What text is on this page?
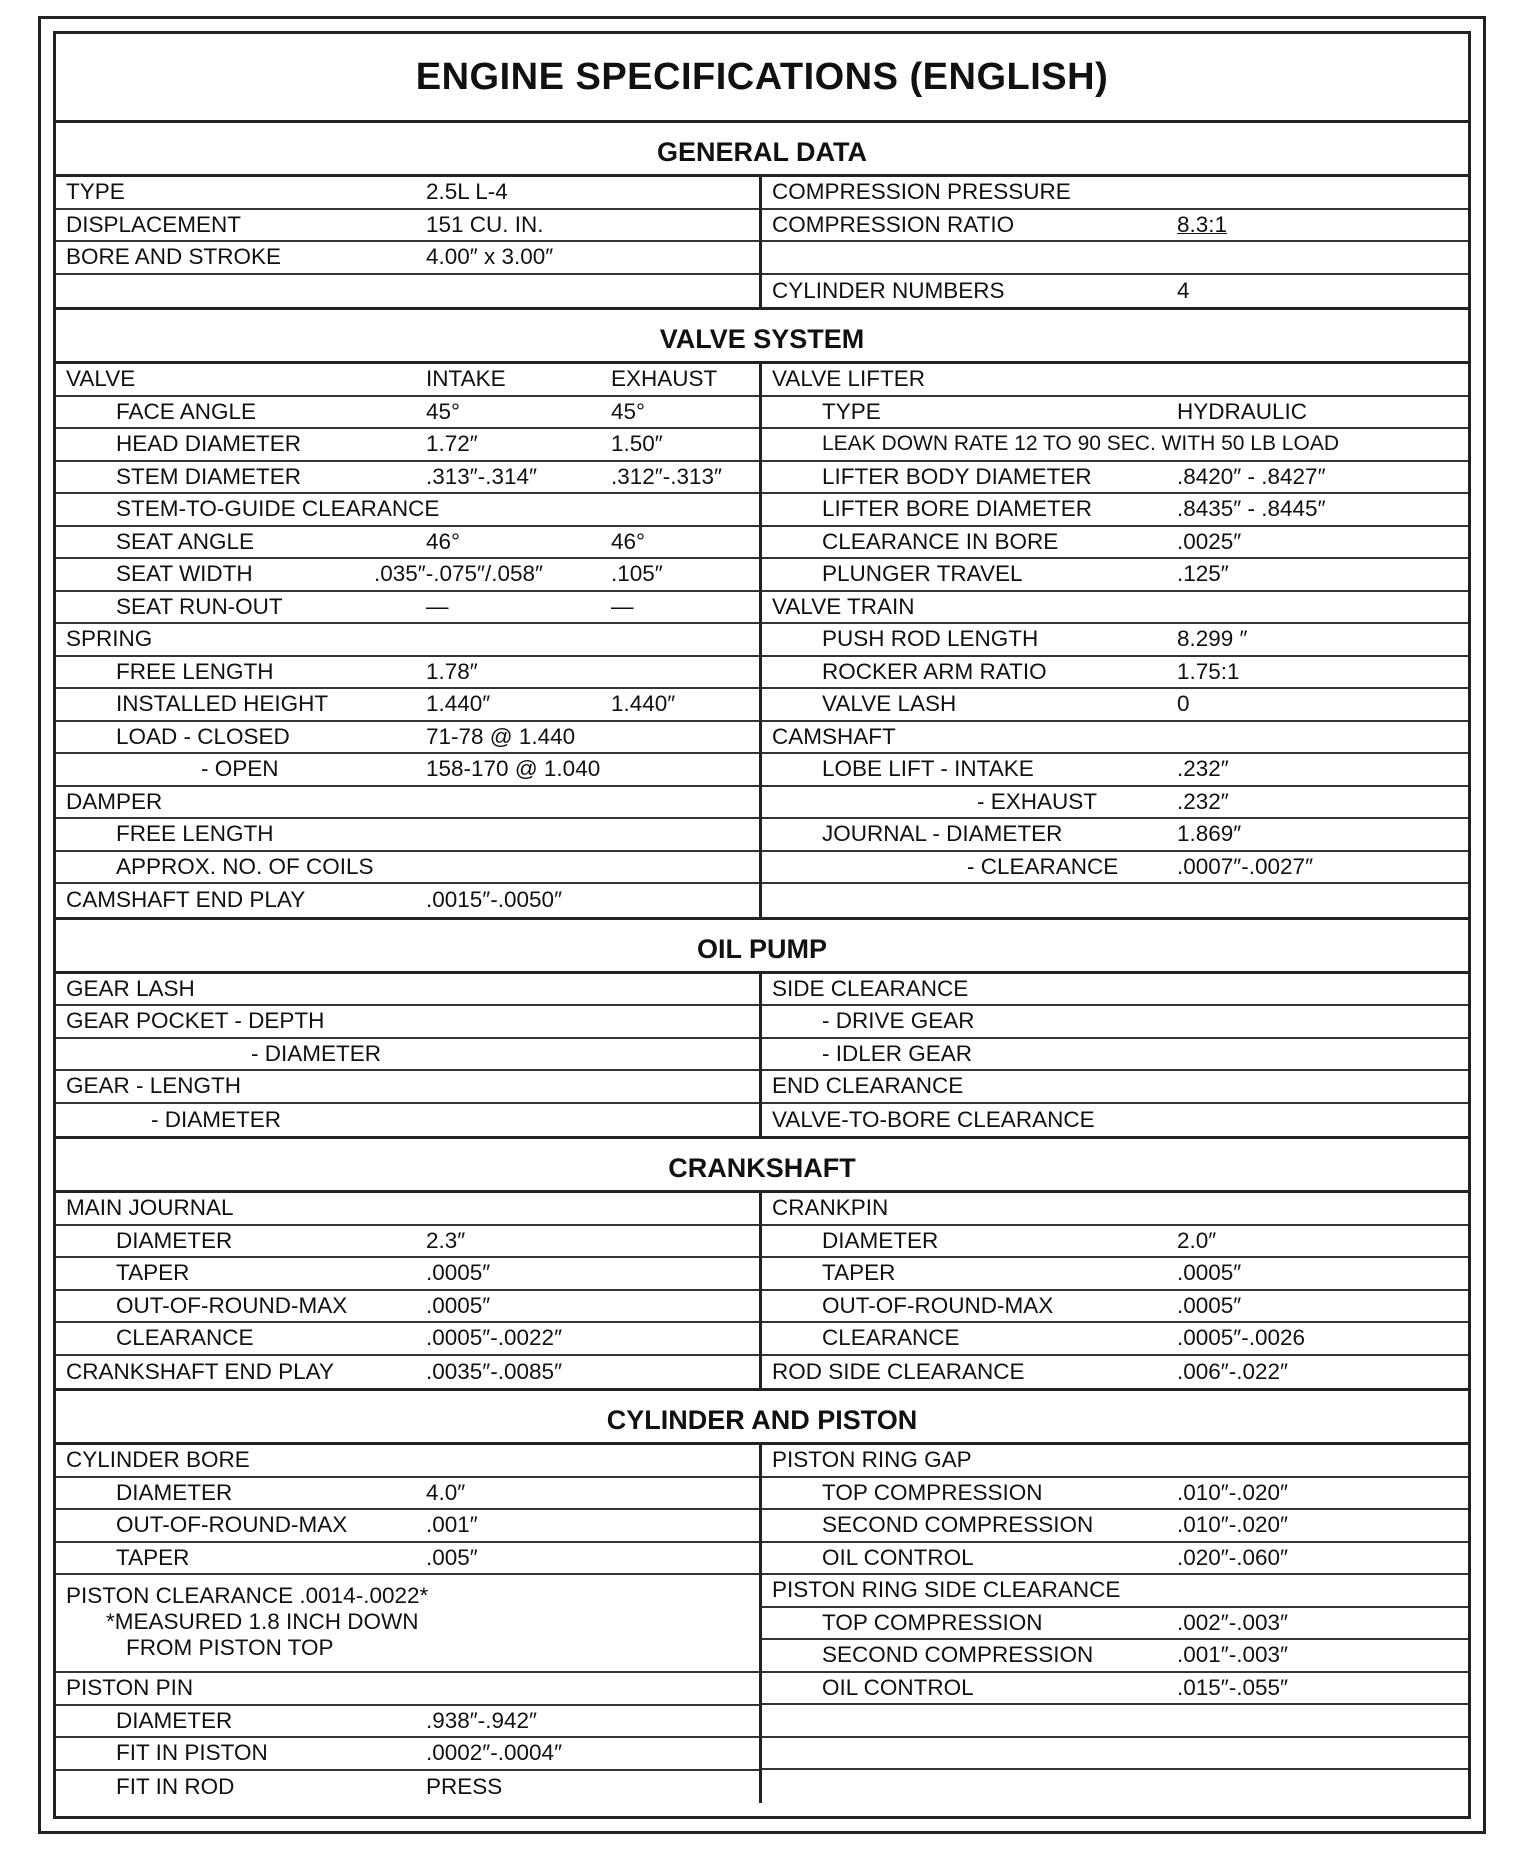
ENGINE SPECIFICATIONS (ENGLISH)
GENERAL DATA
TYPE	2.5L L-4
DISPLACEMENT	151 CU. IN.
BORE AND STROKE	4.00″ x 3.00″
COMPRESSION PRESSURE
COMPRESSION RATIO	8.3:1
CYLINDER NUMBERS	4
VALVE SYSTEM
VALVE	INTAKE	EXHAUST
FACE ANGLE	45°	45°
HEAD DIAMETER	1.72″	1.50″
STEM DIAMETER	.313″-.314″	.312″-.313″
STEM-TO-GUIDE CLEARANCE
SEAT ANGLE	46°	46°
SEAT WIDTH	.035″-.075″/.058″	.105″
SEAT RUN-OUT	—	—
SPRING
FREE LENGTH	1.78″
INSTALLED HEIGHT	1.440″	1.440″
LOAD - CLOSED	71-78 @ 1.440
- OPEN	158-170 @ 1.040
DAMPER
FREE LENGTH
APPROX. NO. OF COILS
CAMSHAFT END PLAY	.0015″-.0050″
VALVE LIFTER
TYPE	HYDRAULIC
LEAK DOWN RATE 12 TO 90 SEC. WITH 50 LB LOAD
LIFTER BODY DIAMETER	.8420″ - .8427″
LIFTER BORE DIAMETER	.8435″ - .8445″
CLEARANCE IN BORE	.0025″
PLUNGER TRAVEL	.125″
VALVE TRAIN
PUSH ROD LENGTH	8.299 ″
ROCKER ARM RATIO	1.75:1
VALVE LASH	0
CAMSHAFT
LOBE LIFT - INTAKE	.232″
- EXHAUST	.232″
JOURNAL - DIAMETER	1.869″
- CLEARANCE	.0007″-.0027″
OIL PUMP
GEAR LASH
GEAR POCKET - DEPTH
- DIAMETER
GEAR - LENGTH
- DIAMETER
SIDE CLEARANCE
- DRIVE GEAR
- IDLER GEAR
END CLEARANCE
VALVE-TO-BORE CLEARANCE
CRANKSHAFT
MAIN JOURNAL
DIAMETER	2.3″
TAPER	.0005″
OUT-OF-ROUND-MAX	.0005″
CLEARANCE	.0005″-.0022″
CRANKSHAFT END PLAY	.0035″-.0085″
CRANKPIN
DIAMETER	2.0″
TAPER	.0005″
OUT-OF-ROUND-MAX	.0005″
CLEARANCE	.0005″-.0026
ROD SIDE CLEARANCE	.006″-.022″
CYLINDER AND PISTON
CYLINDER BORE
DIAMETER	4.0″
OUT-OF-ROUND-MAX	.001″
TAPER	.005″
PISTON CLEARANCE .0014-.0022*
*MEASURED 1.8 INCH DOWN
FROM PISTON TOP
PISTON PIN
DIAMETER	.938″-.942″
FIT IN PISTON	.0002″-.0004″
FIT IN ROD	PRESS
PISTON RING GAP
TOP COMPRESSION	.010″-.020″
SECOND COMPRESSION	.010″-.020″
OIL CONTROL	.020″-.060″
PISTON RING SIDE CLEARANCE
TOP COMPRESSION	.002″-.003″
SECOND COMPRESSION	.001″-.003″
OIL CONTROL	.015″-.055″
